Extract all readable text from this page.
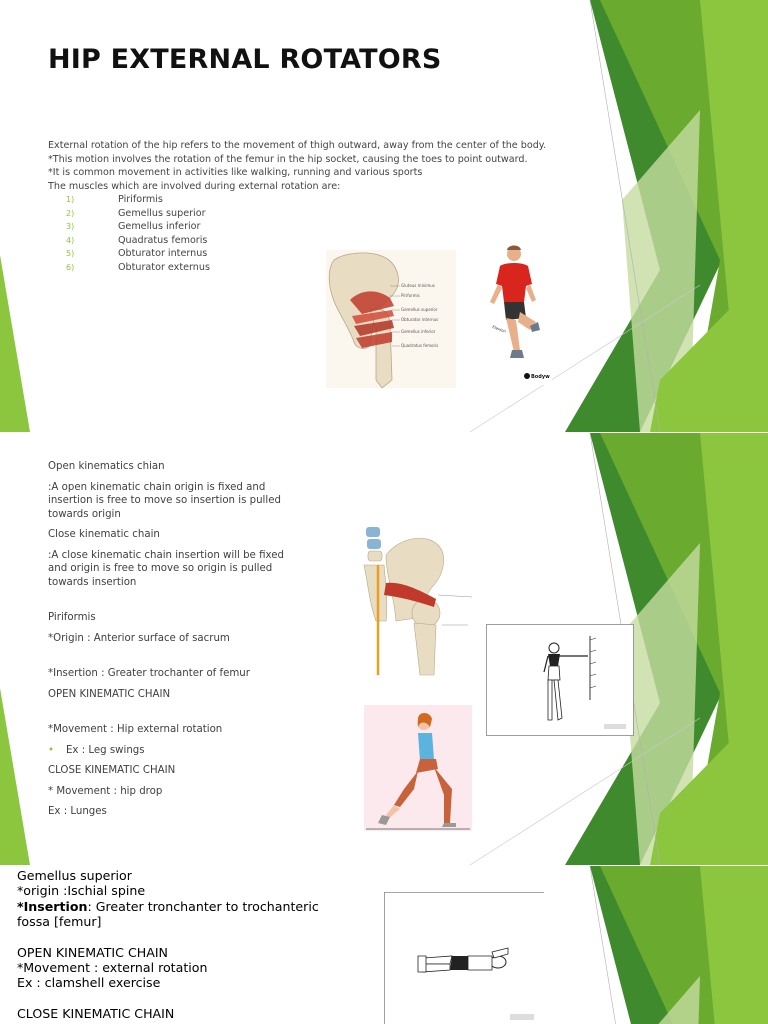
HIP EXTERNAL ROTATORS

External rotation of the hip refers to the movement of thigh outward, away from the center of the body.

*This motion involves the rotation of the femur in the hip socket, causing the toes to point outward.

*It is common movement in activities like walking, running and various sports

The muscles which are involved during external rotation are:

1)	Piriformis
2)	Gemellus superior
3)	Gemellus inferior
4)	Quadratus femoris
5)	Obturator internus
6)	Obturator externus
Gluteus minimus
Piriformis
Gemellus superior
Obturator internus
Gemellus inferior
Quadratus femoris
Flexion
Bodyw

Open kinematics chian

:A open kinematic chain origin is fixed and insertion is free to move so insertion is pulled towards origin

Close kinematic chain

:A close kinematic chain insertion will be fixed and origin is free to move so origin is pulled towards insertion

Piriformis

*Origin : Anterior surface of sacrum

*Insertion : Greater trochanter of femur

OPEN KINEMATIC CHAIN

*Movement : Hip external rotation

•	Ex : Leg swings

CLOSE KINEMATIC CHAIN

* Movement : hip drop

Ex : Lunges

Gemellus superior

*origin :Ischial spine

*Insertion: Greater tronchanter to trochanteric fossa [femur]

OPEN KINEMATIC CHAIN

*Movement : external rotation

Ex : clamshell exercise

CLOSE KINEMATIC CHAIN
